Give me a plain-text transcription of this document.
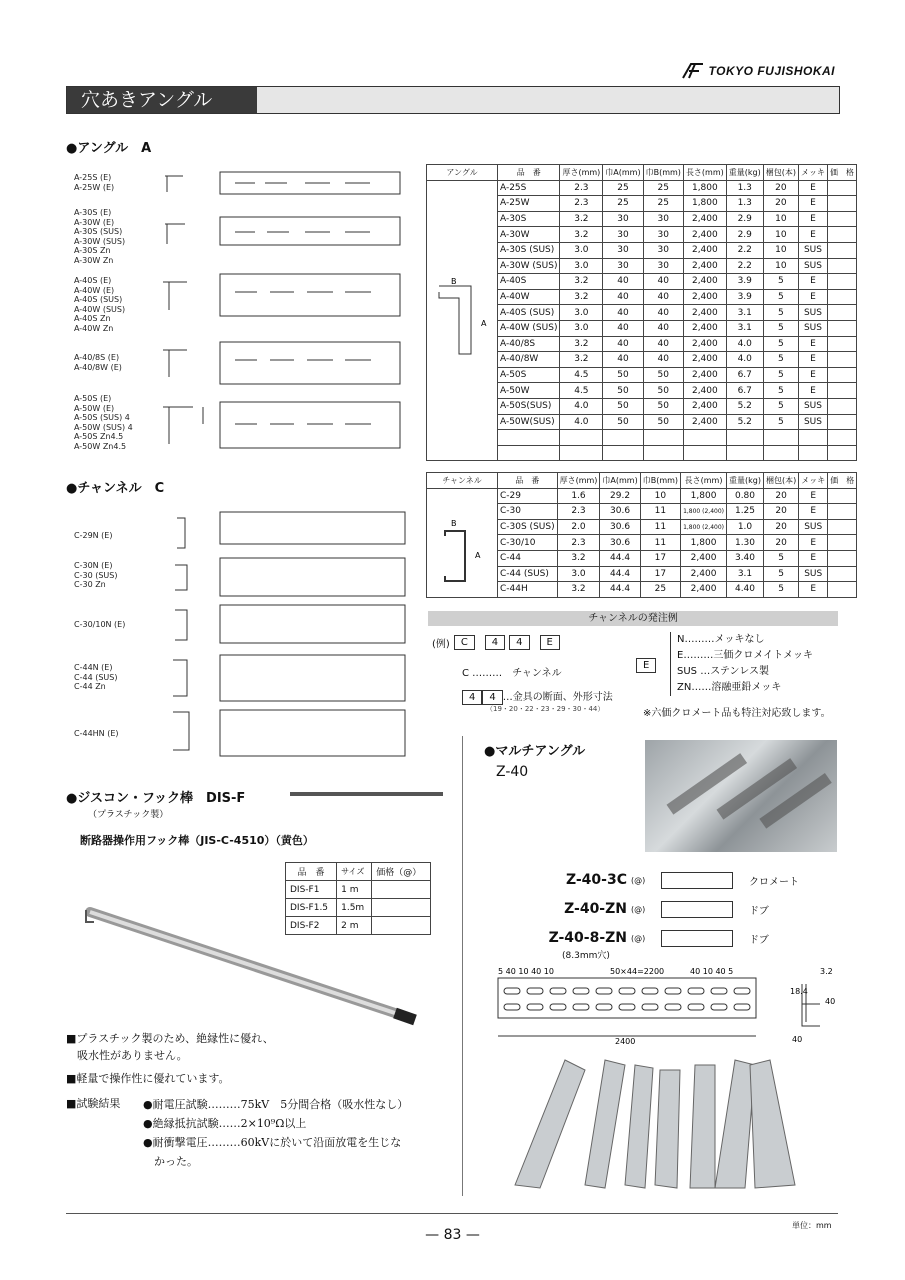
TOKYO FUJISHOKAI
穴あきアングル
●アングル　A
A-25S (E)
A-25W (E)
A-30S (E)
A-30W (E)
A-30S (SUS)
A-30W (SUS)
A-30S Zn
A-30W Zn
A-40S (E)
A-40W (E)
A-40S (SUS)
A-40W (SUS)
A-40S Zn
A-40W Zn
A-40/8S (E)
A-40/8W (E)
A-50S (E)
A-50W (E)
A-50S (SUS) 4
A-50W (SUS) 4
A-50S Zn4.5
A-50W Zn4.5
アングル	品　番	厚さ(mm)	巾A(mm)	巾B(mm)	長さ(mm)	重量(kg)	梱包(本)	メッキ	価　格

B
A	A-25S	2.3	25	25	1,800	1.3	20	E	
	A-25W	2.3	25	25	1,800	1.3	20	E	
	A-30S	3.2	30	30	2,400	2.9	10	E	
	A-30W	3.2	30	30	2,400	2.9	10	E	
	A-30S (SUS)	3.0	30	30	2,400	2.2	10	SUS	
	A-30W (SUS)	3.0	30	30	2,400	2.2	10	SUS	
	A-40S	3.2	40	40	2,400	3.9	5	E	
	A-40W	3.2	40	40	2,400	3.9	5	E	
	A-40S (SUS)	3.0	40	40	2,400	3.1	5	SUS	
	A-40W (SUS)	3.0	40	40	2,400	3.1	5	SUS	
	A-40/8S	3.2	40	40	2,400	4.0	5	E	
	A-40/8W	3.2	40	40	2,400	4.0	5	E	
	A-50S	4.5	50	50	2,400	6.7	5	E	
	A-50W	4.5	50	50	2,400	6.7	5	E	
	A-50S(SUS)	4.0	50	50	2,400	5.2	5	SUS	
	A-50W(SUS)	4.0	50	50	2,400	5.2	5	SUS	

●チャンネル　C
C-29N (E)
C-30N (E)
C-30 (SUS)
C-30 Zn
C-30/10N (E)
C-44N (E)
C-44 (SUS)
C-44 Zn
C-44HN (E)
チャンネル	品　番	厚さ(mm)	巾A(mm)	巾B(mm)	長さ(mm)	重量(kg)	梱包(本)	メッキ	価　格

B
A	C-29	1.6	29.2	10	1,800	0.80	20	E	
	C-30	2.3	30.6	11	1,800 (2,400)	1.25	20	E	
	C-30S (SUS)	2.0	30.6	11	1,800 (2,400)	1.0	20	SUS	
	C-30/10	2.3	30.6	11	1,800	1.30	20	E	
	C-44	3.2	44.4	17	2,400	3.40	5	E	
	C-44 (SUS)	3.0	44.4	17	2,400	3.1	5	SUS	
	C-44H	3.2	44.4	25	2,400	4.40	5	E	
チャンネルの発注例
(例)	C	4	4	E
C ………　 チャンネル
4 4 …金具の断面、外形寸法
（19・20・22・23・29・30・44）
E
N………メッキなし
E………三価クロメイトメッキ
SUS …ステンレス製
ZN……溶融亜鉛メッキ
※六価クロメート品も特注対応致します。
●マルチアングル
Z-40
Z-40-3C (@)	クロメート
Z-40-ZN (@)	ドブ
Z-40-8-ZN (@)	ドブ
(8.3mm穴)
5 40 10 40 10	50×44=2200	40 10 40 5
2400
3.2
40
18.4
40
●ジスコン・フック棒　DIS-F
（プラスチック製）
断路器操作用フック棒（JIS-C-4510）（黄色）
品　番	サイズ	価格（@）
DIS-F1	1 m	
DIS-F1.5	1.5m	
DIS-F2	2 m	
■プラスチック製のため、絶縁性に優れ、
　吸水性がありません。
■軽量で操作性に優れています。
■試験結果 ●耐電圧試験………75kV　5分間合格（吸水性なし）
●絶縁抵抗試験……2×10⁹Ω以上
●耐衝撃電圧………60kVに於いて沿面放電を生じな
　かった。
— 83 —
単位：mm
